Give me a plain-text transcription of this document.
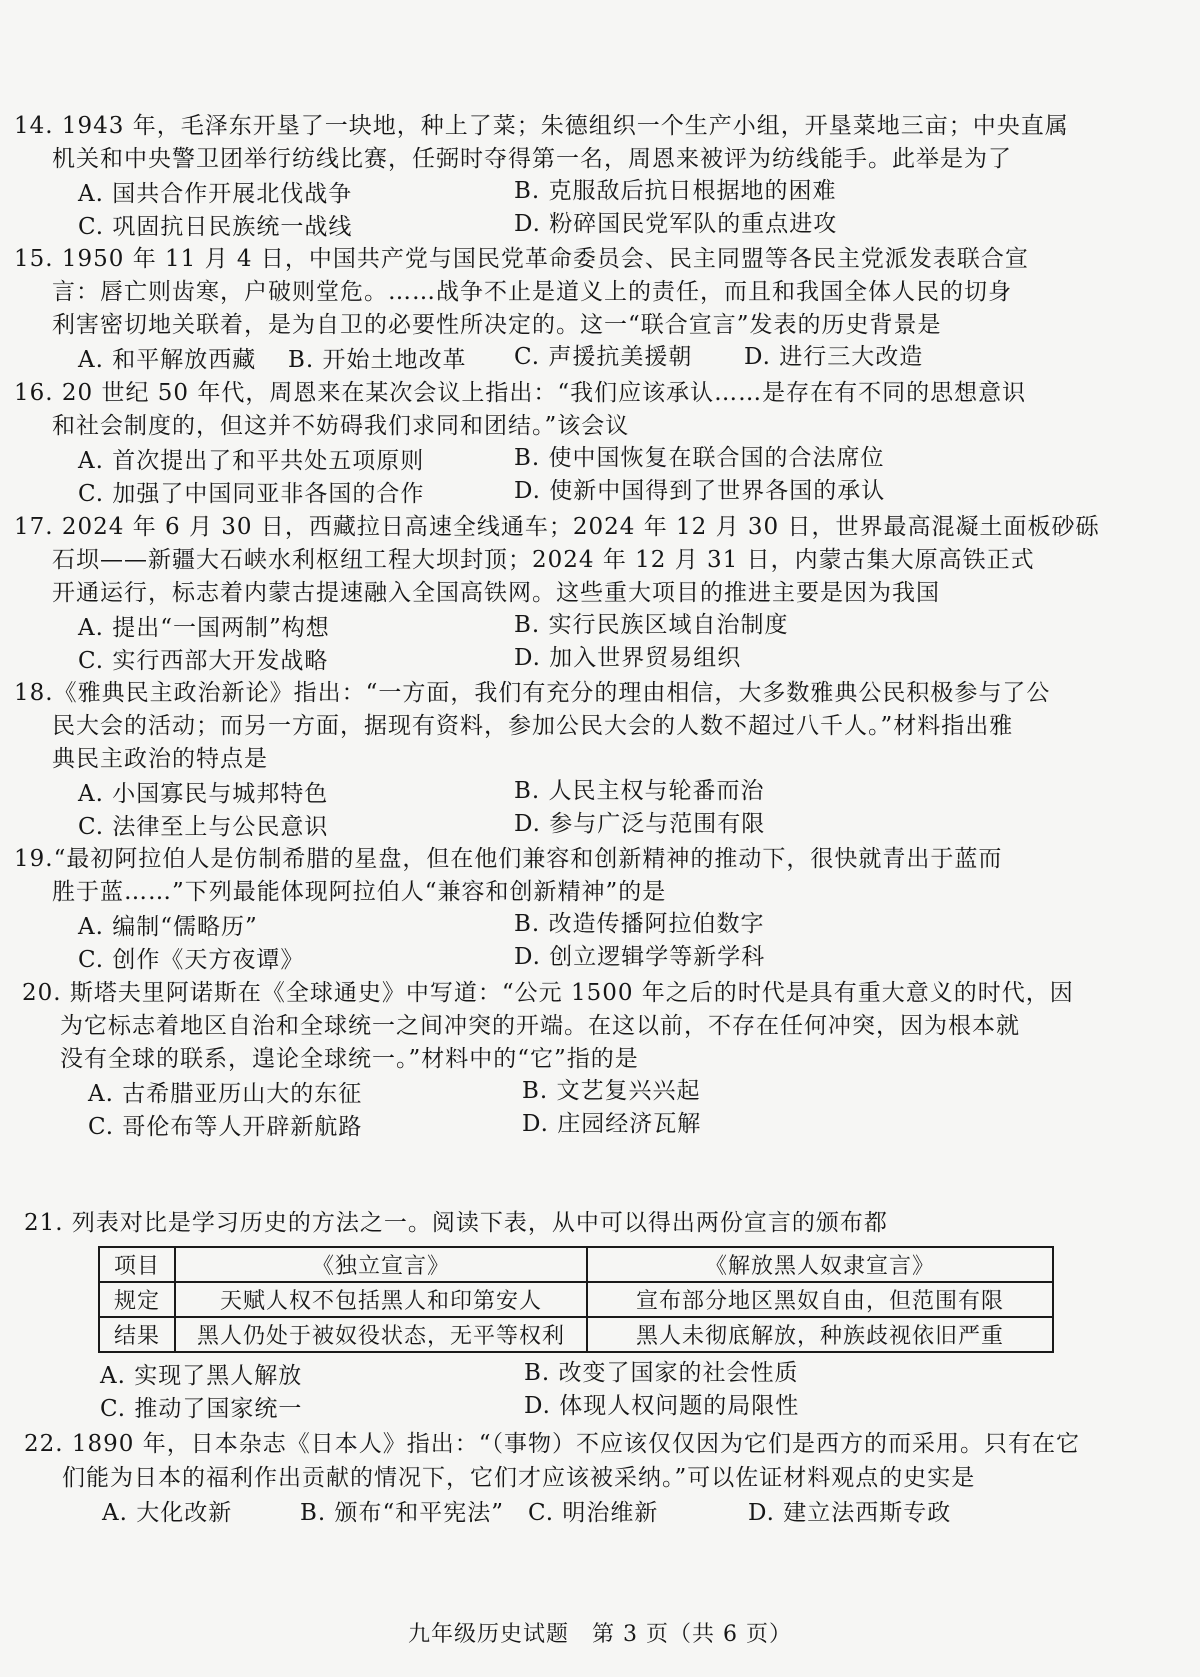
14. 1943 年，毛泽东开垦了一块地，种上了菜；朱德组织一个生产小组，开垦菜地三亩；中央直属
机关和中央警卫团举行纺线比赛，任弼时夺得第一名，周恩来被评为纺线能手。此举是为了
A. 国共合作开展北伐战争	B. 克服敌后抗日根据地的困难
C. 巩固抗日民族统一战线	D. 粉碎国民党军队的重点进攻
15. 1950 年 11 月 4 日，中国共产党与国民党革命委员会、民主同盟等各民主党派发表联合宣
言：唇亡则齿寒，户破则堂危。……战争不止是道义上的责任，而且和我国全体人民的切身
利害密切地关联着，是为自卫的必要性所决定的。这一“联合宣言”发表的历史背景是
A. 和平解放西藏 B. 开始土地改革 C. 声援抗美援朝 D. 进行三大改造
16. 20 世纪 50 年代，周恩来在某次会议上指出：“我们应该承认……是存在有不同的思想意识
和社会制度的，但这并不妨碍我们求同和团结。”该会议
A. 首次提出了和平共处五项原则	B. 使中国恢复在联合国的合法席位
C. 加强了中国同亚非各国的合作	D. 使新中国得到了世界各国的承认
17. 2024 年 6 月 30 日，西藏拉日高速全线通车；2024 年 12 月 30 日，世界最高混凝土面板砂砾
石坝——新疆大石峡水利枢纽工程大坝封顶；2024 年 12 月 31 日，内蒙古集大原高铁正式
开通运行，标志着内蒙古提速融入全国高铁网。这些重大项目的推进主要是因为我国
A. 提出“一国两制”构想	B. 实行民族区域自治制度
C. 实行西部大开发战略	D. 加入世界贸易组织
18.《雅典民主政治新论》指出：“一方面，我们有充分的理由相信，大多数雅典公民积极参与了公
民大会的活动；而另一方面，据现有资料，参加公民大会的人数不超过八千人。”材料指出雅
典民主政治的特点是
A. 小国寡民与城邦特色	B. 人民主权与轮番而治
C. 法律至上与公民意识	D. 参与广泛与范围有限
19.“最初阿拉伯人是仿制希腊的星盘，但在他们兼容和创新精神的推动下，很快就青出于蓝而
胜于蓝……”下列最能体现阿拉伯人“兼容和创新精神”的是
A. 编制“儒略历”	B. 改造传播阿拉伯数字
C. 创作《天方夜谭》	D. 创立逻辑学等新学科
20. 斯塔夫里阿诺斯在《全球通史》中写道：“公元 1500 年之后的时代是具有重大意义的时代，因
为它标志着地区自治和全球统一之间冲突的开端。在这以前，不存在任何冲突，因为根本就
没有全球的联系，遑论全球统一。”材料中的“它”指的是
A. 古希腊亚历山大的东征	B. 文艺复兴兴起
C. 哥伦布等人开辟新航路	D. 庄园经济瓦解
21. 列表对比是学习历史的方法之一。阅读下表，从中可以得出两份宣言的颁布都
项目	《独立宣言》	《解放黑人奴隶宣言》
规定	天赋人权不包括黑人和印第安人	宣布部分地区黑奴自由，但范围有限
结果	黑人仍处于被奴役状态，无平等权利	黑人未彻底解放，种族歧视依旧严重
A. 实现了黑人解放	B. 改变了国家的社会性质
C. 推动了国家统一	D. 体现人权问题的局限性
22. 1890 年，日本杂志《日本人》指出：“（事物）不应该仅仅因为它们是西方的而采用。只有在它
们能为日本的福利作出贡献的情况下，它们才应该被采纳。”可以佐证材料观点的史实是
A. 大化改新	B. 颁布“和平宪法” C. 明治维新	D. 建立法西斯专政
九年级历史试题　第 3 页（共 6 页）
